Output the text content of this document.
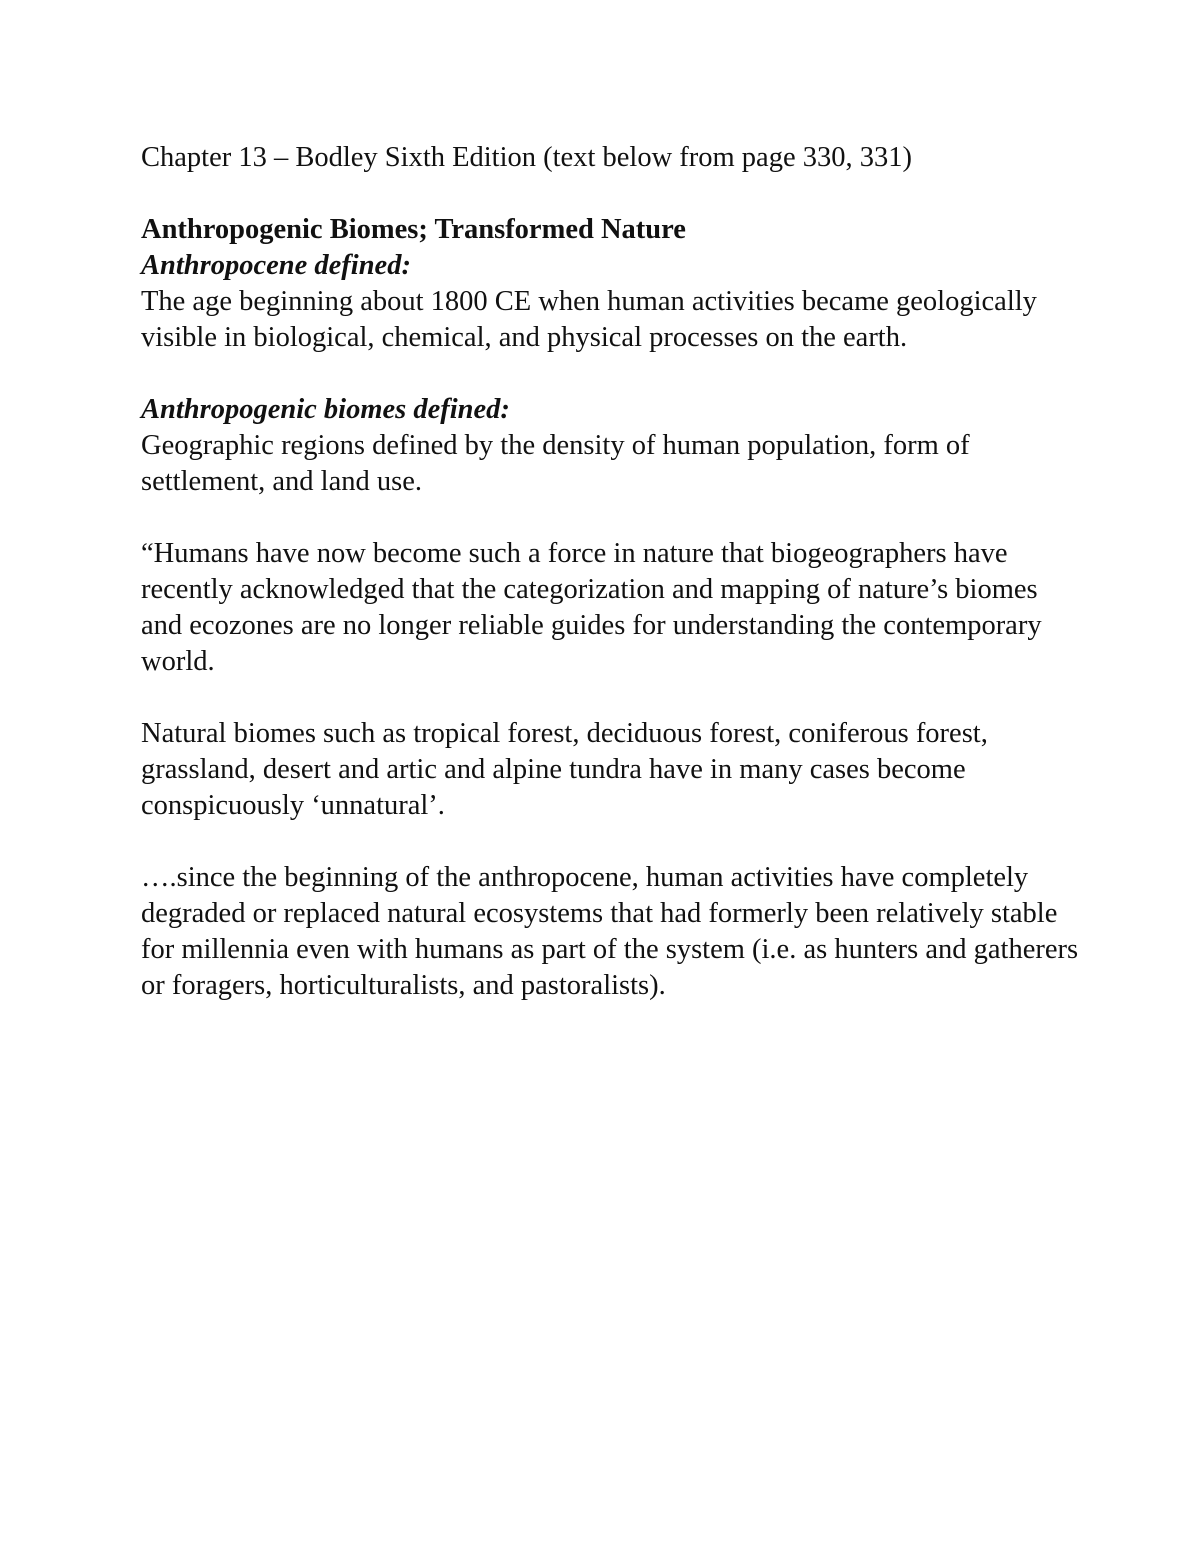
Chapter 13 – Bodley Sixth Edition (text below from page 330, 331)

Anthropogenic Biomes; Transformed Nature

Anthropocene defined:

The age beginning about 1800 CE when human activities became geologically visible in biological, chemical, and physical processes on the earth.

Anthropogenic biomes defined:

Geographic regions defined by the density of human population, form of settlement, and land use.

“Humans have now become such a force in nature that biogeographers have recently acknowledged that the categorization and mapping of nature’s biomes and ecozones are no longer reliable guides for understanding the contemporary world.

Natural biomes such as tropical forest, deciduous forest, coniferous forest, grassland, desert and artic and alpine tundra have in many cases become conspicuously ‘unnatural’.

….since the beginning of the anthropocene, human activities have completely degraded or replaced natural ecosystems that had formerly been relatively stable for millennia even with humans as part of the system (i.e. as hunters and gatherers or foragers, horticulturalists, and pastoralists).
